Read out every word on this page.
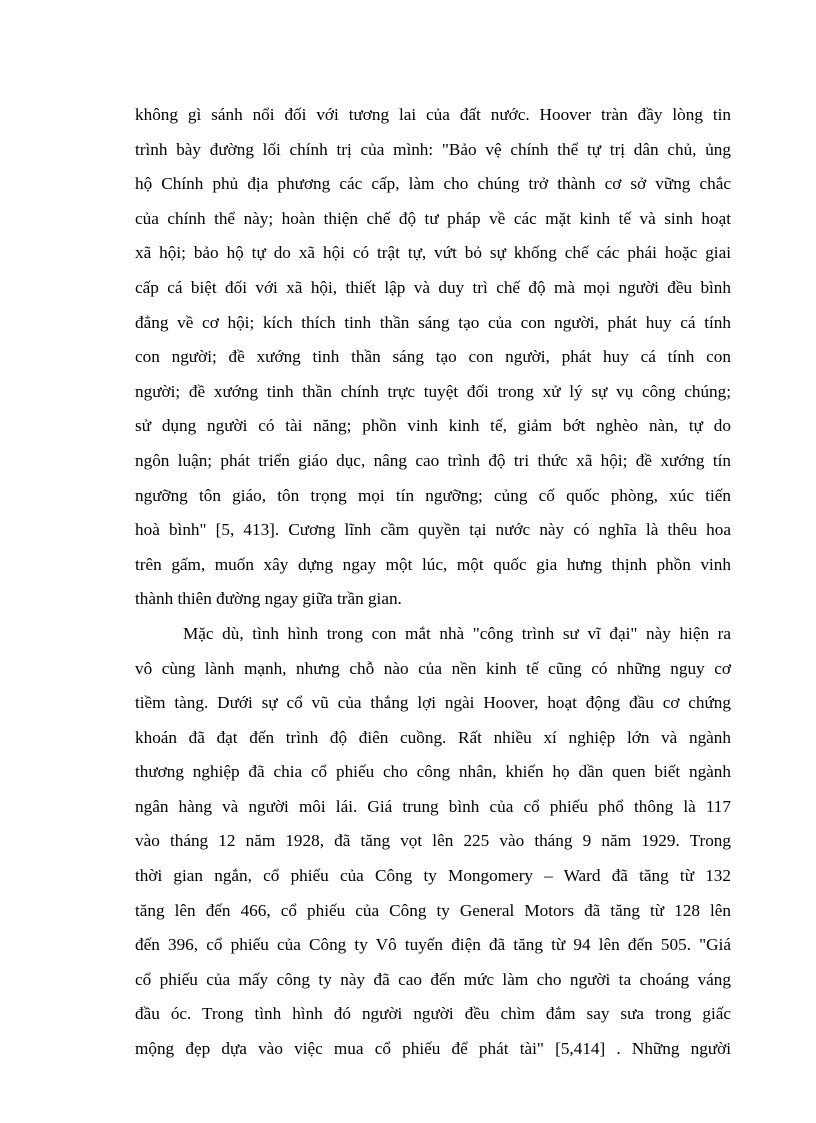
không gì sánh nổi đối với tương lai của đất nước. Hoover tràn đầy lòng tin
trình bày đường lối chính trị của mình: "Bảo vệ chính thể tự trị dân chủ, ủng
hộ Chính phủ địa phương các cấp, làm cho chúng trở thành cơ sở vững chắc
của chính thể này; hoàn thiện chế độ tư pháp về các mặt kinh tế và sinh hoạt
xã hội; bảo hộ tự do xã hội có trật tự, vứt bỏ sự khống chế các phái hoặc giai
cấp cá biệt đối với xã hội, thiết lập và duy trì chế độ mà mọi người đều bình
đẳng về cơ hội; kích thích tinh thần sáng tạo của con người, phát huy cá tính
con người; đề xướng tinh thần sáng tạo con người, phát huy cá tính con
người; đề xướng tinh thần chính trực tuyệt đối trong xử lý sự vụ công chúng;
sử dụng người có tài năng; phồn vinh kinh tế, giảm bớt nghèo nàn, tự do
ngôn luận; phát triển giáo dục, nâng cao trình độ tri thức xã hội; đề xướng tín
ngưỡng tôn giáo, tôn trọng mọi tín ngưỡng; củng cố quốc phòng, xúc tiến
hoà bình" [5, 413]. Cương lĩnh cầm quyền tại nước này có nghĩa là thêu hoa
trên gấm, muốn xây dựng ngay một lúc, một quốc gia hưng thịnh phồn vinh
thành thiên đường ngay giữa trần gian.
Mặc dù, tình hình trong con mắt nhà "công trình sư vĩ đại" này hiện ra
vô cùng lành mạnh, nhưng chỗ nào của nền kinh tế cũng có những nguy cơ
tiềm tàng. Dưới sự cổ vũ của thắng lợi ngài Hoover, hoạt động đầu cơ chứng
khoán đã đạt đến trình độ điên cuồng. Rất nhiều xí nghiệp lớn và ngành
thương nghiệp đã chia cổ phiếu cho công nhân, khiến họ dần quen biết ngành
ngân hàng và người môi lái. Giá trung bình của cổ phiếu phổ thông là 117
vào tháng 12 năm 1928, đã tăng vọt lên 225 vào tháng 9 năm 1929. Trong
thời gian ngắn, cổ phiếu của Công ty Mongomery – Ward đã tăng từ 132
tăng lên đến 466, cổ phiếu của Công ty General Motors đã tăng từ 128 lên
đến 396, cổ phiếu của Công ty Vô tuyến điện đã tăng từ 94 lên đến 505. "Giá
cổ phiếu của mấy công ty này đã cao đến mức làm cho người ta choáng váng
đầu óc. Trong tình hình đó người người đều chìm đắm say sưa trong giấc
mộng đẹp dựa vào việc mua cổ phiếu để phát tài" [5,414] . Những người
